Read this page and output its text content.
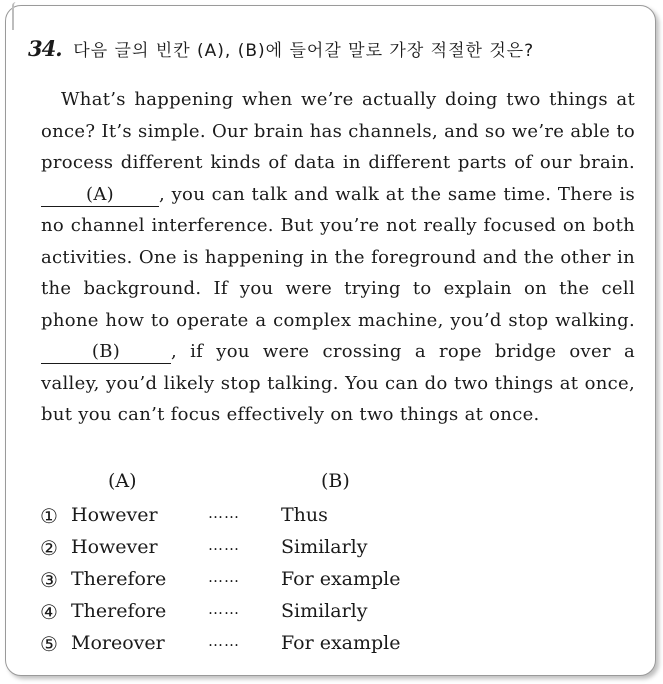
34. 다음 글의 빈칸 (A), (B)에 들어갈 말로 가장 적절한 것은?
What’s happening when we’re actually doing two things at once? It’s simple. Our brain has channels, and so we’re able to process different kinds of data in different parts of our brain. (A)	, you can talk and walk at the same time. There is no channel interference. But you’re not really focused on both activities. One is happening in the foreground and the other in the background. If you were trying to explain on the cell phone how to operate a complex machine, you’d stop walking. (B)	, if you were crossing a rope bridge over a valley, you’d likely stop talking. You can do two things at once, but you can’t focus effectively on two things at once.
(A)	(B)
① However	…… Thus
② However	…… Similarly
③ Therefore	…… For example
④ Therefore	…… Similarly
⑤ Moreover	…… For example
